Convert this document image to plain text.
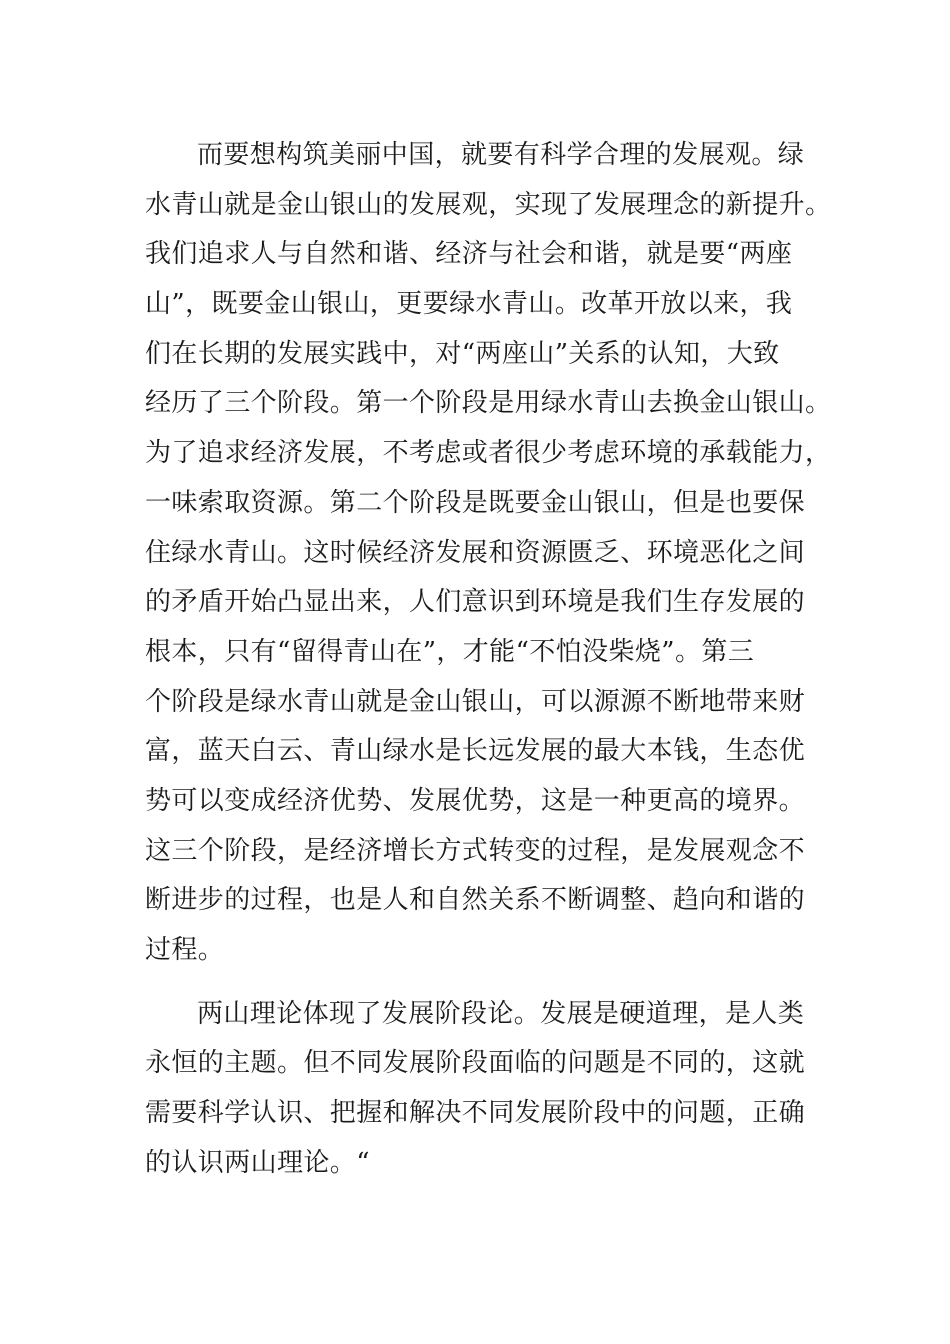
而要想构筑美丽中国，就要有科学合理的发展观。绿
水青山就是金山银山的发展观，实现了发展理念的新提升。
我们追求人与自然和谐、经济与社会和谐，就是要“两座
山”，既要金山银山，更要绿水青山。改革开放以来，我
们在长期的发展实践中，对“两座山”关系的认知，大致
经历了三个阶段。第一个阶段是用绿水青山去换金山银山。
为了追求经济发展，不考虑或者很少考虑环境的承载能力，
一味索取资源。第二个阶段是既要金山银山，但是也要保
住绿水青山。这时候经济发展和资源匮乏、环境恶化之间
的矛盾开始凸显出来，人们意识到环境是我们生存发展的
根本，只有“留得青山在”，才能“不怕没柴烧”。第三
个阶段是绿水青山就是金山银山，可以源源不断地带来财
富，蓝天白云、青山绿水是长远发展的最大本钱，生态优
势可以变成经济优势、发展优势，这是一种更高的境界。
这三个阶段，是经济增长方式转变的过程，是发展观念不
断进步的过程，也是人和自然关系不断调整、趋向和谐的
过程。
两山理论体现了发展阶段论。发展是硬道理，是人类
永恒的主题。但不同发展阶段面临的问题是不同的，这就
需要科学认识、把握和解决不同发展阶段中的问题，正确
的认识两山理论。“
